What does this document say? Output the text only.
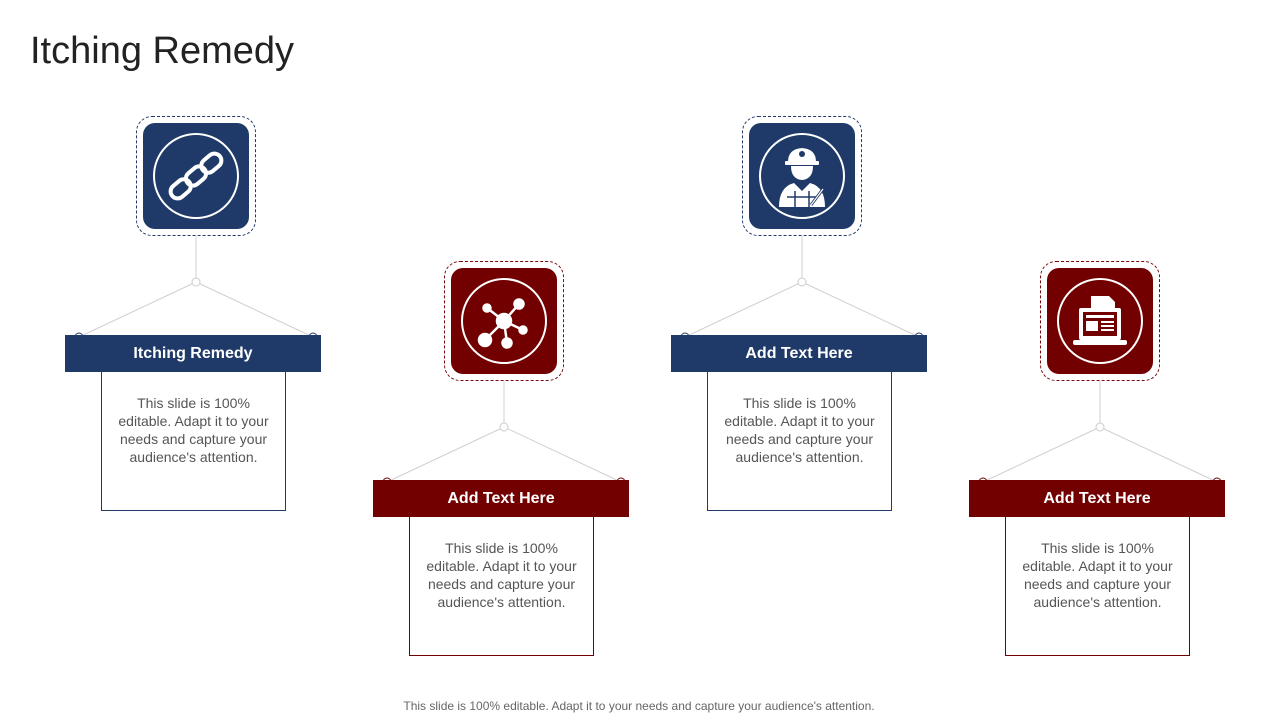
Itching Remedy
Itching Remedy
This slide is 100% editable. Adapt it to your needs and capture your audience's attention.
Add Text Here
This slide is 100% editable. Adapt it to your needs and capture your audience's attention.
Add Text Here
This slide is 100% editable. Adapt it to your needs and capture your audience's attention.
Add Text Here
This slide is 100% editable. Adapt it to your needs and capture your audience's attention.
This slide is 100% editable. Adapt it to your needs and capture your audience's attention.
